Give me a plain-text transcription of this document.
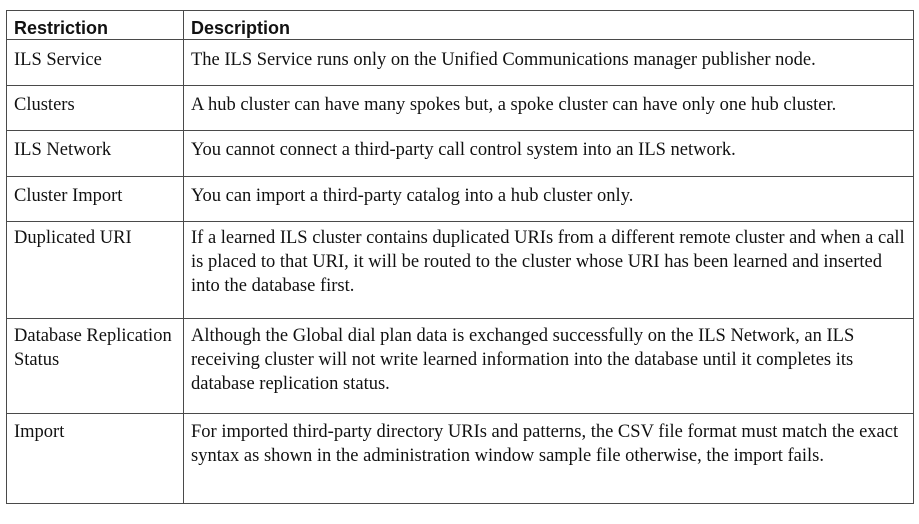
Restriction	Description
ILS Service	The ILS Service runs only on the Unified Communications manager publisher node.
Clusters	A hub cluster can have many spokes but, a spoke cluster can have only one hub cluster.
ILS Network	You cannot connect a third-party call control system into an ILS network.
Cluster Import	You can import a third-party catalog into a hub cluster only.
Duplicated URI	If a learned ILS cluster contains duplicated URIs from a different remote cluster and when a call is placed to that URI, it will be routed to the cluster whose URI has been learned and inserted into the database first.
Database Replication Status	Although the Global dial plan data is exchanged successfully on the ILS Network, an ILS receiving cluster will not write learned information into the database until it completes its database replication status.
Import	For imported third-party directory URIs and patterns, the CSV file format must match the exact syntax as shown in the administration window sample file otherwise, the import fails.
